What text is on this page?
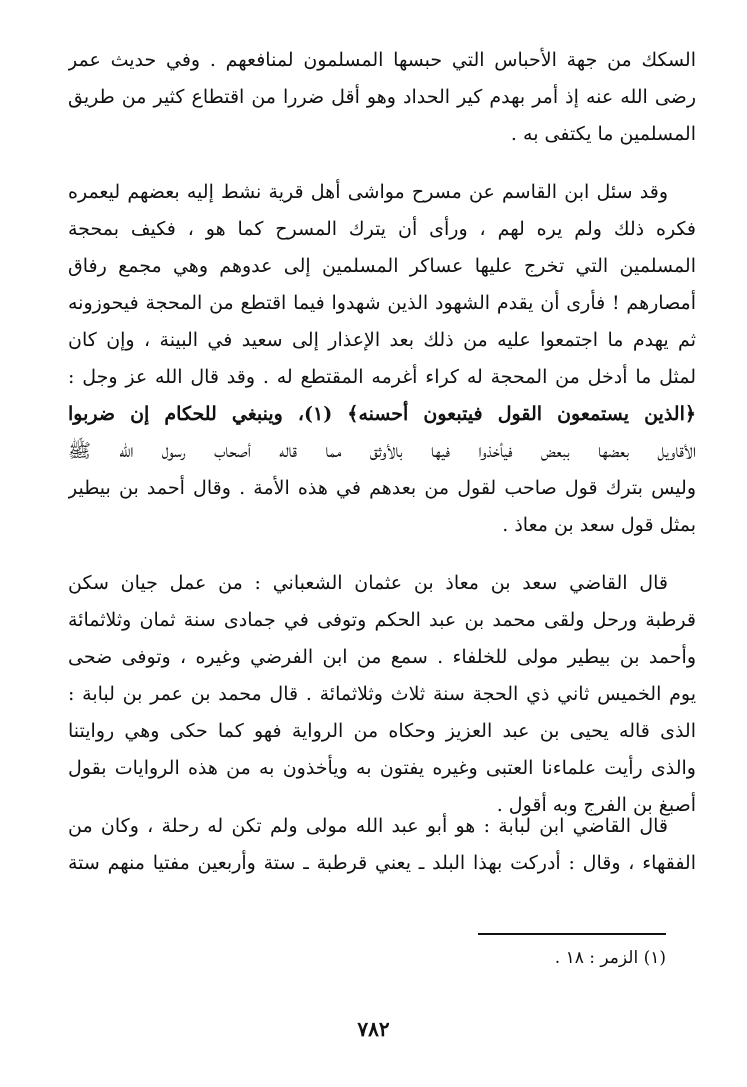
السكك من جهة الأحباس التي حبسها المسلمون لمنافعهم . وفي حديث عمر
رضى الله عنه إذ أمر بهدم كير الحداد وهو أقل ضررا من اقتطاع كثير من طريق
المسلمين ما يكتفى به .
وقد سئل ابن القاسم عن مسرح مواشى أهل قرية نشط إليه بعضهم ليعمره
فكره ذلك ولم يره لهم ، ورأى أن يترك المسرح كما هو ، فكيف بمحجة
المسلمين التي تخرج عليها عساكر المسلمين إلى عدوهم وهي مجمع رفاق
أمصارهم ! فأرى أن يقدم الشهود الذين شهدوا فيما اقتطع من المحجة فيحوزونه
ثم يهدم ما اجتمعوا عليه من ذلك بعد الإعذار إلى سعيد في البينة ، وإن كان
لمثل ما أدخل من المحجة له كراء أغرمه المقتطع له . وقد قال الله عز وجل :
﴿الذين يستمعون القول فيتبعون أحسنه﴾ (١)، وينبغي للحكام إن ضربوا
الأقاويل بعضها ببعض فيأخذوا فيها بالأوثق مما قاله أصحاب رسول الله ﷺ
وليس بترك قول صاحب لقول من بعدهم في هذه الأمة . وقال أحمد بن بيطير
بمثل قول سعد بن معاذ .
قال القاضي سعد بن معاذ بن عثمان الشعباني : من عمل جيان سكن
قرطبة ورحل ولقى محمد بن عبد الحكم وتوفى في جمادى سنة ثمان وثلاثمائة
وأحمد بن بيطير مولى للخلفاء . سمع من ابن الفرضي وغيره ، وتوفى ضحى
يوم الخميس ثاني ذي الحجة سنة ثلاث وثلاثمائة . قال محمد بن عمر بن لبابة :
الذى قاله يحيى بن عبد العزيز وحكاه من الرواية فهو كما حكى وهي روايتنا
والذى رأيت علماءنا العتبى وغيره يفتون به ويأخذون به من هذه الروايات بقول
أصبغ بن الفرج وبه أقول .
قال القاضي ابن لبابة : هو أبو عبد الله مولى ولم تكن له رحلة ، وكان من
الفقهاء ، وقال : أدركت بهذا البلد ـ يعني قرطبة ـ ستة وأربعين مفتيا منهم ستة
(١) الزمر : ١٨ .
٧٨٢
